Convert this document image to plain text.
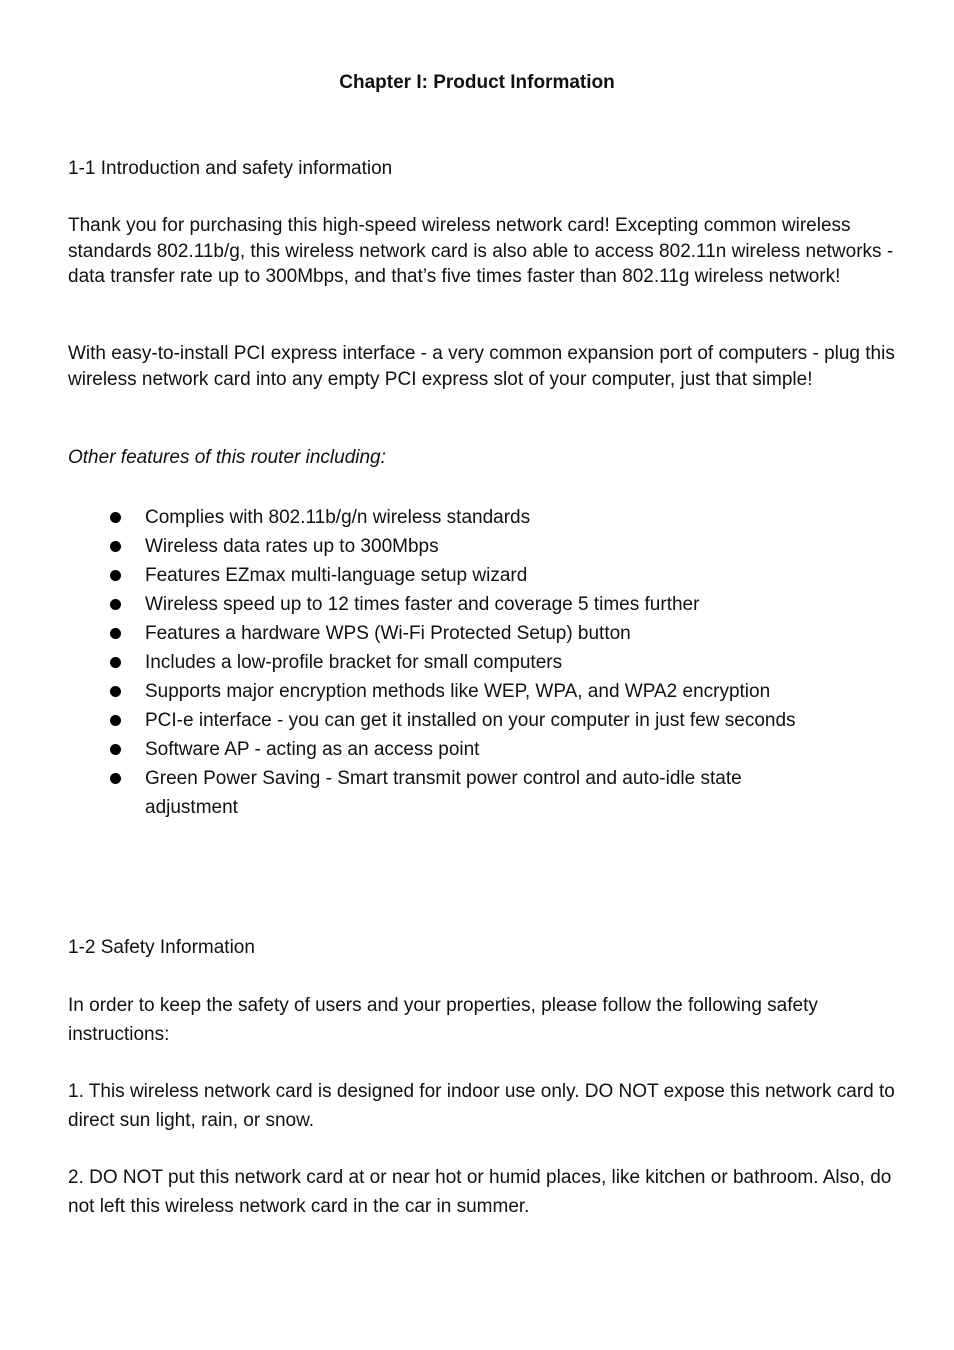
Chapter I: Product Information

1-1 Introduction and safety information

Thank you for purchasing this high-speed wireless network card! Excepting common wireless standards 802.11b/g, this wireless network card is also able to access 802.11n wireless networks - data transfer rate up to 300Mbps, and that’s five times faster than 802.11g wireless network!

With easy-to-install PCI express interface - a very common expansion port of computers - plug this wireless network card into any empty PCI express slot of your computer, just that simple!

Other features of this router including:

Complies with 802.11b/g/n wireless standards
Wireless data rates up to 300Mbps
Features EZmax multi-language setup wizard
Wireless speed up to 12 times faster and coverage 5 times further
Features a hardware WPS (Wi-Fi Protected Setup) button
Includes a low-profile bracket for small computers
Supports major encryption methods like WEP, WPA, and WPA2 encryption
PCI-e interface - you can get it installed on your computer in just few seconds
Software AP - acting as an access point
Green Power Saving - Smart transmit power control and auto-idle state adjustment

1-2 Safety Information

In order to keep the safety of users and your properties, please follow the following safety instructions:

1. This wireless network card is designed for indoor use only. DO NOT expose this network card to direct sun light, rain, or snow.

2. DO NOT put this network card at or near hot or humid places, like kitchen or bathroom. Also, do not left this wireless network card in the car in summer.
